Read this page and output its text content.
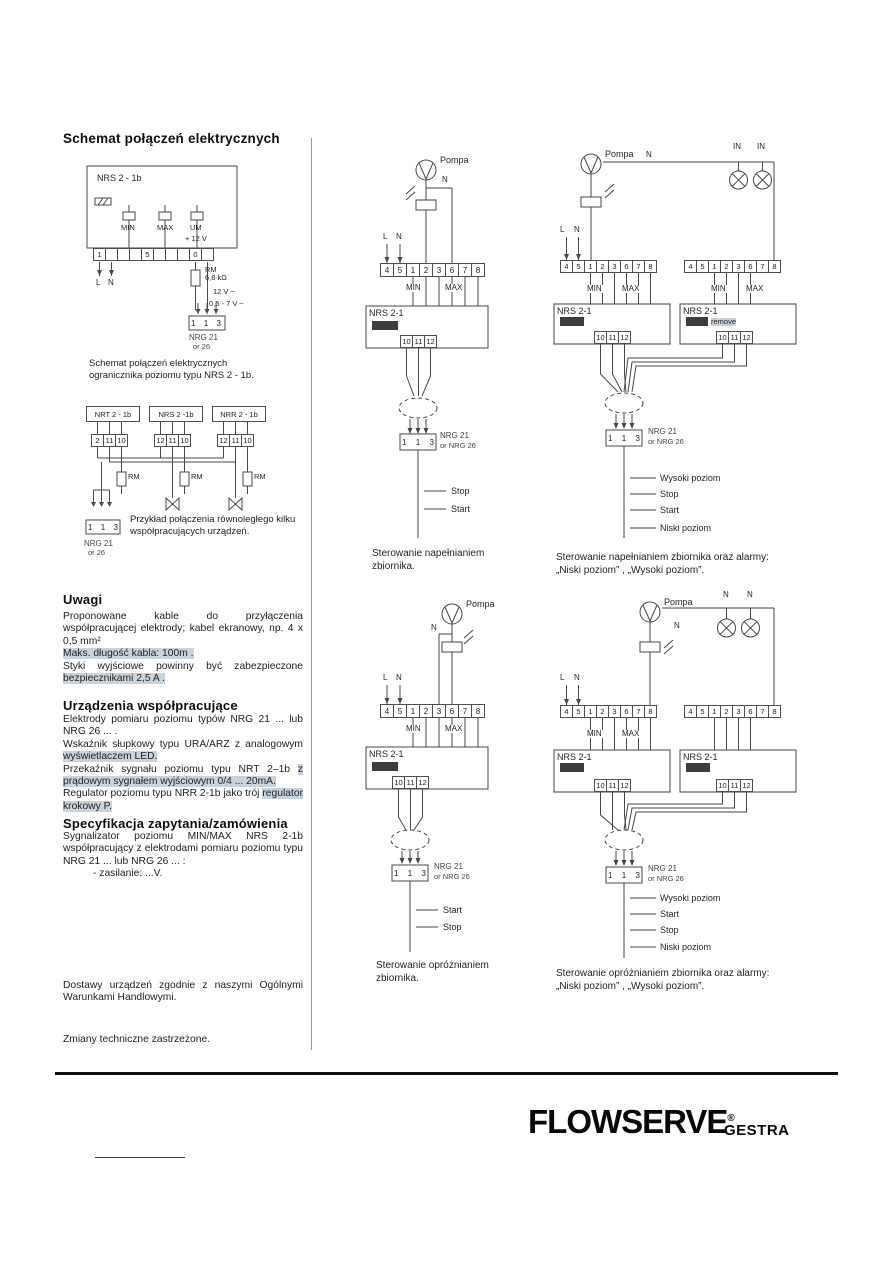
Schemat połączeń elektrycznych
NRS 2 - 1b
MIN	MAX UM
+ 12 V
1	5	0
L N
RM
6,8 kΩ
12 V ~
0,5 - 7 V ~
1 1 3
NRG 21
or 26
Schemat połączeń elektrycznych
ogranicznika poziomu typu NRS 2 - 1b.
NRT 2 - 1b	NRS 2 -1b	NRR 2 - 1b
2 11 10	12 11 10	12 11 10
RM	RM	RM
1 1 3
NRG 21
or 26
Przykład połączenia równoległego kilku
współpracujących urządzeń.
Uwagi
Proponowane kable do przyłączenia współpracującej elektrody; kabel ekranowy, np. 4 x 0,5 mm²
Maks. długość kabla: 100m .
Styki wyjściowe powinny być zabezpieczone bezpiecznikami 2,5 A .
Urządzenia współpracujące
Elektrody pomiaru poziomu typów NRG 21 ... lub NRG 26 ... .
Wskaźnik słupkowy typu URA/ARZ z analogowym wyświetlaczem LED.
Przekaźnik sygnału poziomu typu NRT 2–1b z prądowym sygnałem wyjściowym 0/4 ... 20mA.
Regulator poziomu typu NRR 2-1b jako trój regulator krokowy P.
Specyfikacja zapytania/zamówienia
Sygnalizator poziomu MIN/MAX NRS 2-1b współpracujący z elektrodami pomiaru poziomu typu NRG 21 ... lub NRG 26 ... :
- zasilanie: ...V.
Dostawy urządzeń zgodnie z naszymi Ogólnymi Warunkami Handlowymi.
Zmiany techniczne zastrzeżone.
Pompa
N
L N
4	5	1	2	3	6	7	8
MIN	MAX
NRS 2-1
10 11 12
1 1 3
NRG 21
or NRG 26
Stop
Start
Sterowanie napełnianiem
zbiornika.
Pompa N
IN IN
L N
4	5	1	2	3	6	7	8	4	5	1	2	3	6	7	8
MIN	MAX	MIN	MAX
NRS 2-1	NRS 2-1
remove
10 11 12	10 11 12
1 1 3
NRG 21
or NRG 26
Wysoki poziom
Stop
Start
Niski poziom
Sterowanie napełnianiem zbiornika oraz alarmy:
„Niski poziom” , „Wysoki poziom”.
Pompa
N
L N
4	5	1	2	3	6	7	8
MIN	MAX
NRS 2-1
10 11 12
1 1 3
NRG 21
or NRG 26
Start
Stop
Sterowanie opróżnianiem
zbiornika.
Pompa
N N
N
L N
4	5	1	2	3	6	7	8	4	5	1	2	3	6	7	8
MIN	MAX
NRS 2-1	NRS 2-1
10 11 12	10 11 12
1 1 3
NRG 21
or NRG 26
Wysoki poziom
Start
Stop
Niski poziom
Sterowanie opróżnianiem zbiornika oraz alarmy:
„Niski poziom” , „Wysoki poziom”.
FLOWSERVE®
GESTRA
